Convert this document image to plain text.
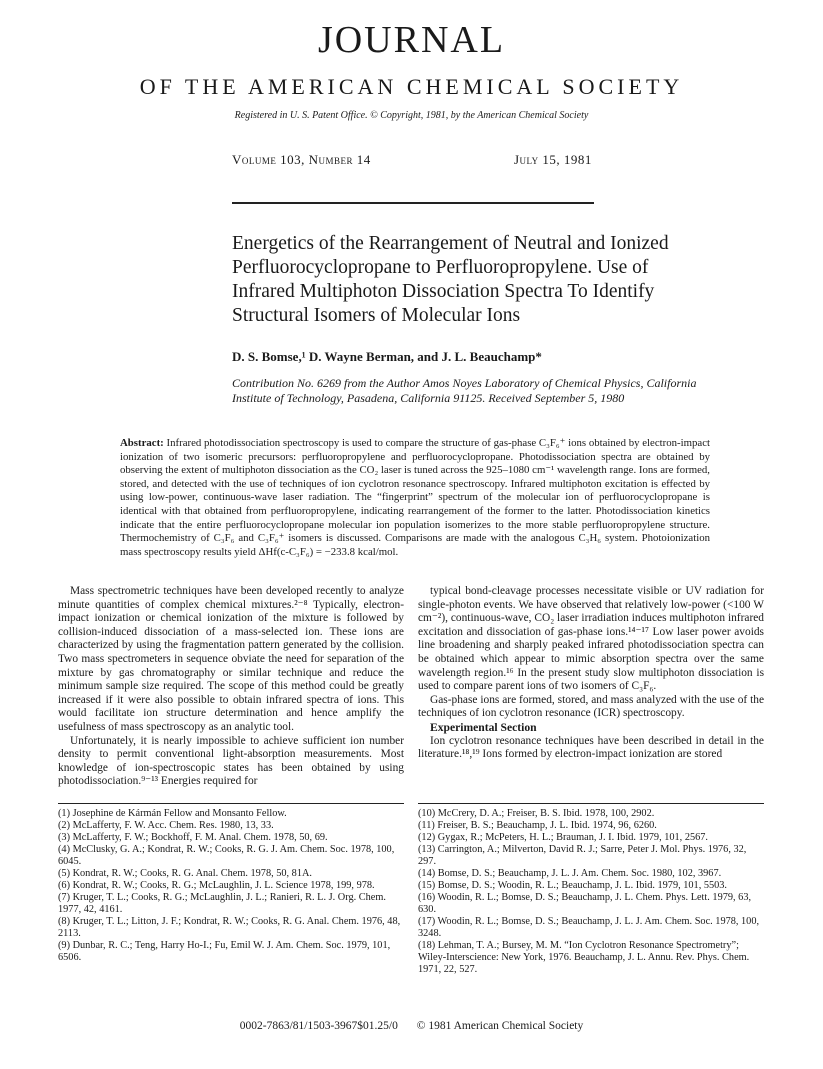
JOURNAL
OF THE AMERICAN CHEMICAL SOCIETY
Registered in U. S. Patent Office. © Copyright, 1981, by the American Chemical Society
Volume 103, Number 14	July 15, 1981
Energetics of the Rearrangement of Neutral and Ionized
Perfluorocyclopropane to Perfluoropropylene. Use of
Infrared Multiphoton Dissociation Spectra To Identify
Structural Isomers of Molecular Ions
D. S. Bomse,¹ D. Wayne Berman, and J. L. Beauchamp*
Contribution No. 6269 from the Author Amos Noyes Laboratory of Chemical Physics, California
Institute of Technology, Pasadena, California 91125. Received September 5, 1980
Abstract: Infrared photodissociation spectroscopy is used to compare the structure of gas-phase C₃F₆⁺ ions obtained by electron-impact ionization of two isomeric precursors: perfluoropropylene and perfluorocyclopropane. Photodissociation spectra are obtained by observing the extent of multiphoton dissociation as the CO₂ laser is tuned across the 925–1080 cm⁻¹ wavelength range. Ions are formed, stored, and detected with the use of techniques of ion cyclotron resonance spectroscopy. Infrared multiphoton excitation is effected by using low-power, continuous-wave laser radiation. The “fingerprint” spectrum of the molecular ion of perfluorocyclopropane is identical with that obtained from perfluoropropylene, indicating rearrangement of the former to the latter. Photodissociation kinetics indicate that the entire perfluorocyclopropane molecular ion population isomerizes to the more stable perfluoropropylene structure. Thermochemistry of C₃F₆ and C₃F₆⁺ isomers is discussed. Comparisons are made with the analogous C₃H₆ system. Photoionization mass spectroscopy results yield ΔHf(c-C₃F₆) = −233.8 kcal/mol.

Mass spectrometric techniques have been developed recently to analyze minute quantities of complex chemical mixtures.²⁻⁸ Typically, electron-impact ionization or chemical ionization of the mixture is followed by collision-induced dissociation of a mass-selected ion. These ions are characterized by using the fragmentation pattern generated by the collision. Two mass spectrometers in sequence obviate the need for separation of the mixture by gas chromatography or similar technique and reduce the minimum sample size required. The scope of this method could be greatly increased if it were also possible to obtain infrared spectra of ions. This would facilitate ion structure determination and hence amplify the usefulness of mass spectroscopy as an analytic tool.

Unfortunately, it is nearly impossible to achieve sufficient ion number density to permit conventional light-absorption measurements. Most knowledge of ion-spectroscopic states has been obtained by using photodissociation.⁹⁻¹³ Energies required for

typical bond-cleavage processes necessitate visible or UV radiation for single-photon events. We have observed that relatively low-power (<100 W cm⁻²), continuous-wave, CO₂ laser irradiation induces multiphoton infrared excitation and dissociation of gas-phase ions.¹⁴⁻¹⁷ Low laser power avoids line broadening and sharply peaked infrared photodissociation spectra can be obtained which appear to mimic absorption spectra over the same wavelength region.¹⁶ In the present study slow multiphoton dissociation is used to compare parent ions of two isomers of C₃F₆.

Gas-phase ions are formed, stored, and mass analyzed with the use of the techniques of ion cyclotron resonance (ICR) spectroscopy.

Experimental Section

Ion cyclotron resonance techniques have been described in detail in the literature.¹⁸,¹⁹ Ions formed by electron-impact ionization are stored

(1) Josephine de Kármán Fellow and Monsanto Fellow.
(2) McLafferty, F. W. Acc. Chem. Res. 1980, 13, 33.
(3) McLafferty, F. W.; Bockhoff, F. M. Anal. Chem. 1978, 50, 69.
(4) McClusky, G. A.; Kondrat, R. W.; Cooks, R. G. J. Am. Chem. Soc. 1978, 100, 6045.
(5) Kondrat, R. W.; Cooks, R. G. Anal. Chem. 1978, 50, 81A.
(6) Kondrat, R. W.; Cooks, R. G.; McLaughlin, J. L. Science 1978, 199, 978.
(7) Kruger, T. L.; Cooks, R. G.; McLaughlin, J. L.; Ranieri, R. L. J. Org. Chem. 1977, 42, 4161.
(8) Kruger, T. L.; Litton, J. F.; Kondrat, R. W.; Cooks, R. G. Anal. Chem. 1976, 48, 2113.
(9) Dunbar, R. C.; Teng, Harry Ho-I.; Fu, Emil W. J. Am. Chem. Soc. 1979, 101, 6506.
(10) McCrery, D. A.; Freiser, B. S. Ibid. 1978, 100, 2902.
(11) Freiser, B. S.; Beauchamp, J. L. Ibid. 1974, 96, 6260.
(12) Gygax, R.; McPeters, H. L.; Brauman, J. I. Ibid. 1979, 101, 2567.
(13) Carrington, A.; Milverton, David R. J.; Sarre, Peter J. Mol. Phys. 1976, 32, 297.
(14) Bomse, D. S.; Beauchamp, J. L. J. Am. Chem. Soc. 1980, 102, 3967.
(15) Bomse, D. S.; Woodin, R. L.; Beauchamp, J. L. Ibid. 1979, 101, 5503.
(16) Woodin, R. L.; Bomse, D. S.; Beauchamp, J. L. Chem. Phys. Lett. 1979, 63, 630.
(17) Woodin, R. L.; Bomse, D. S.; Beauchamp, J. L. J. Am. Chem. Soc. 1978, 100, 3248.
(18) Lehman, T. A.; Bursey, M. M. “Ion Cyclotron Resonance Spectrometry”; Wiley-Interscience: New York, 1976. Beauchamp, J. L. Annu. Rev. Phys. Chem. 1971, 22, 527.
0002-7863/81/1503-3967$01.25/0 © 1981 American Chemical Society
